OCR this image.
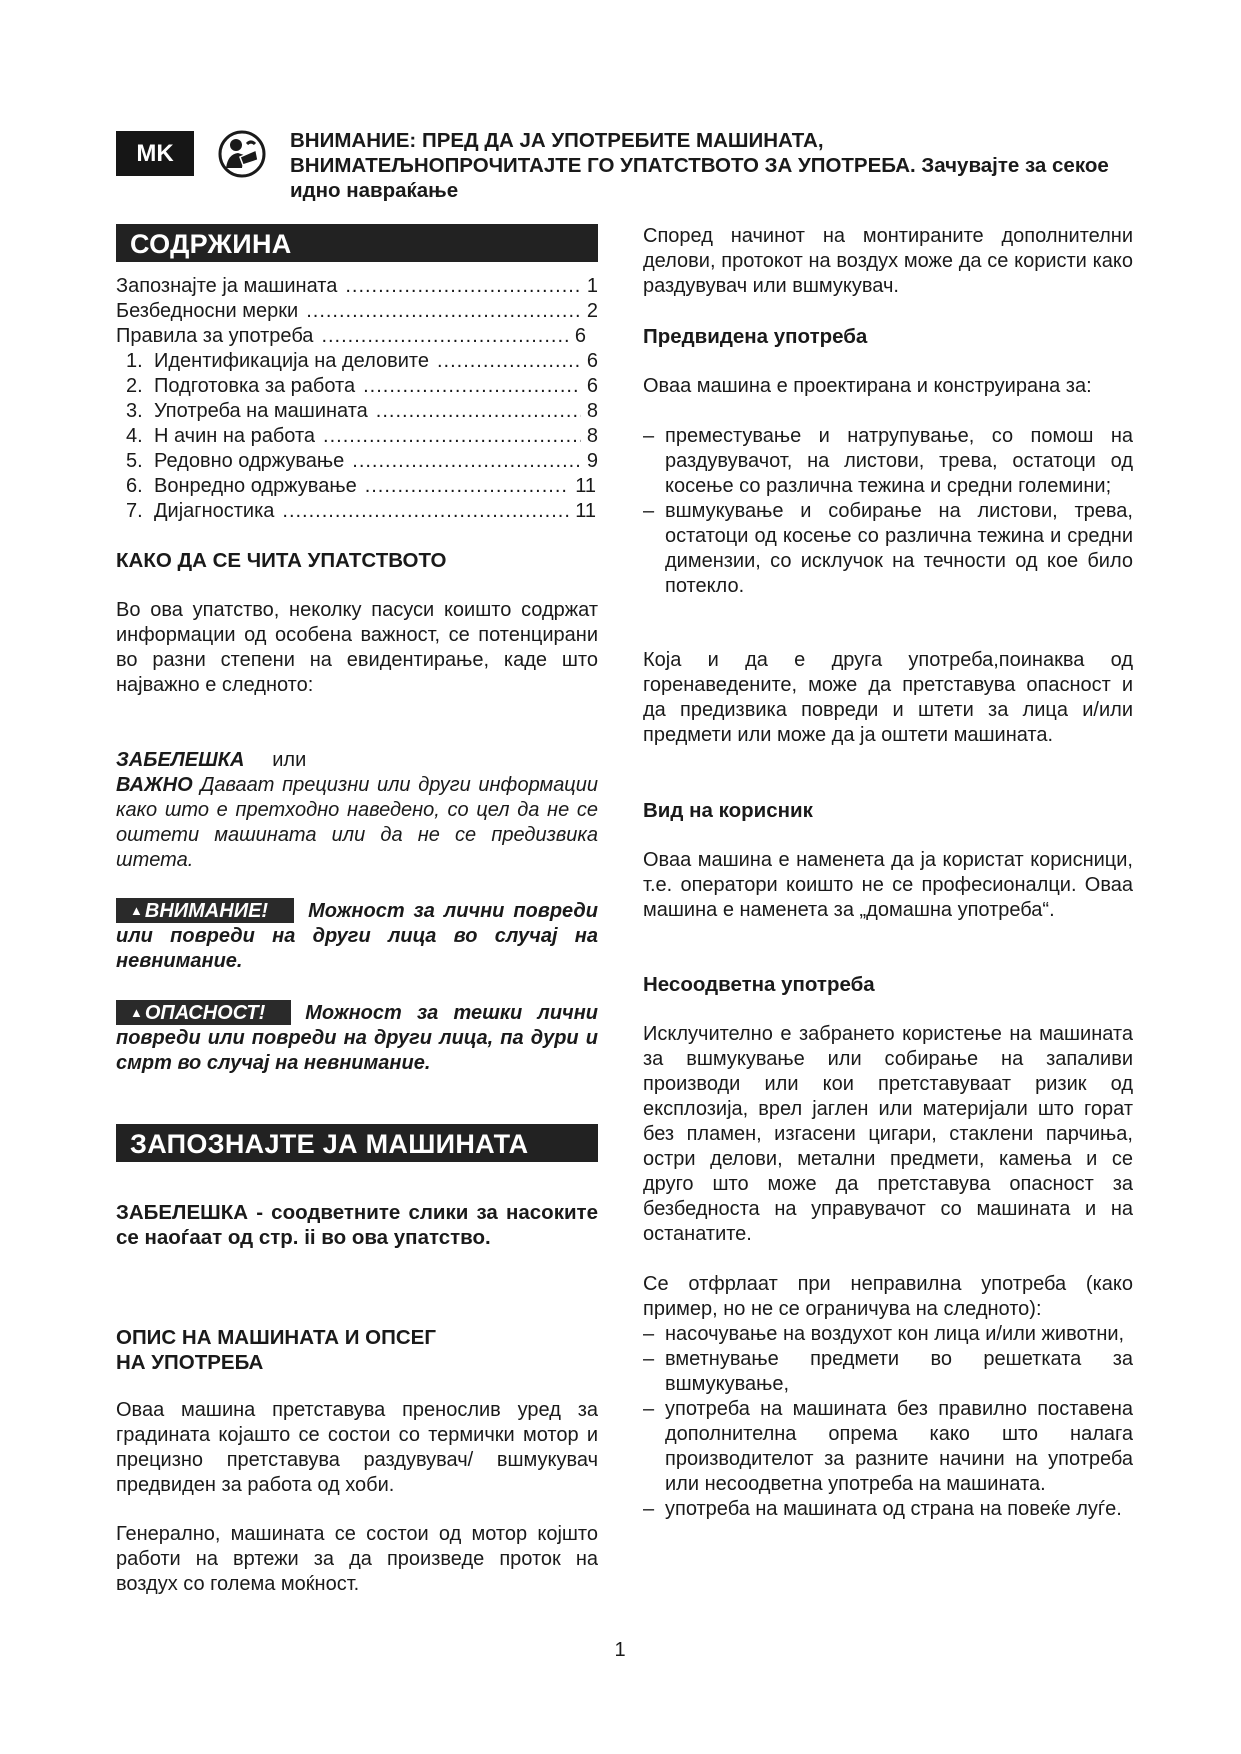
MK	ВНИМАНИЕ: ПРЕД ДА ЈА УПОТРЕБИТЕ МАШИНАТА, ВНИМАТЕЉНОПРОЧИТАЈТЕ ГО УПАТСТВОТО ЗА УПОТРЕБА. Зачувајте за секое идно навраќање
СОДРЖИНА
Запознајте ја машината .....	1
Безбедносни мерки .....	2
Правила за употреба .....	6
1. Идентификација на деловите .....	6
2. Подготовка за работа .....	6
3. Употреба на машината .....	8
4. Н ачин на работа .....	8
5. Редовно одржување .....	9
6. Вонредно одржување .....	11
7. Дијагностика .....	11
КАКО ДА СЕ ЧИТА УПАТСТВОТО
Во ова упатство, неколку пасуси коишто содржат информации од особена важност, се потенцирани во разни степени на евидентирање, каде што најважно е следното:
ЗАБЕЛЕШКА или
ВАЖНО Даваат прецизни или други информации како што е претходно наведено, со цел да не се оштети машината или да не се предизвика штета.
▲ ВНИМАНИЕ! Можност за лични повреди или повреди на други лица во случај на невнимание.
▲ ОПАСНОСТ! Можност за тешки лични повреди или повреди на други лица, па дури и смрт во случај на невнимание.
ЗАПОЗНАЈТЕ ЈА МАШИНАТА
ЗАБЕЛЕШКА - соодветните слики за насоките се наоѓаат од стр. ii во ова упатство.
ОПИС НА МАШИНАТА И ОПСЕГ
НА УПОТРЕБА
Оваа машина претставува пренослив уред за градината којашто се состои со термички мотор и прецизно претставува раздувувач/ вшмукувач предвиден за работа од хоби.
Генерално, машината се состои од мотор којшто работи на вртежи за да произведе проток на воздух со голема моќност.
Според начинот на монтираните дополнителни делови, протокот на воздух може да се користи како раздувувач или вшмукувач.
Предвидена употреба
Оваа машина е проектирана и конструирана за:
– преместување и натрупување, со помош на раздувувачот, на листови, трева, остатоци од косење со различна тежина и средни големини;
– вшмукување и собирање на листови, трева, остатоци од косење со различна тежина и средни димензии, со исклучок на течности од кое било потекло.
Која и да е друга употреба,поинаква од горенаведените, може да претставува опасност и да предизвика повреди и штети за лица и/или предмети или може да ја оштети машината.
Вид на корисник
Оваа машина е наменета да ја користат корисници, т.е. оператори коишто не се професионалци. Оваа машина е наменета за „домашна употреба“.
Несоодветна употреба
Исклучително е забрането користење на машината за вшмукување или собирање на запаливи производи или кои претставуваат ризик од експлозија, врел јаглен или материјали што горат без пламен, изгасени цигари, стаклени парчиња, остри делови, метални предмети, камења и се друго што може да претставува опасност за безбедноста на управувачот со машината и на останатите.
Се отфрлаат при неправилна употреба (како пример, но не се ограничува на следното):
– насочување на воздухот кон лица и/или животни,
– вметнување предмети во решетката за вшмукување,
– употреба на машината без правилно поставена дополнителна опрема како што налага производителот за разните начини на употреба или несоодветна употреба на машината.
– употреба на машината од страна на повеќе луѓе.
1
